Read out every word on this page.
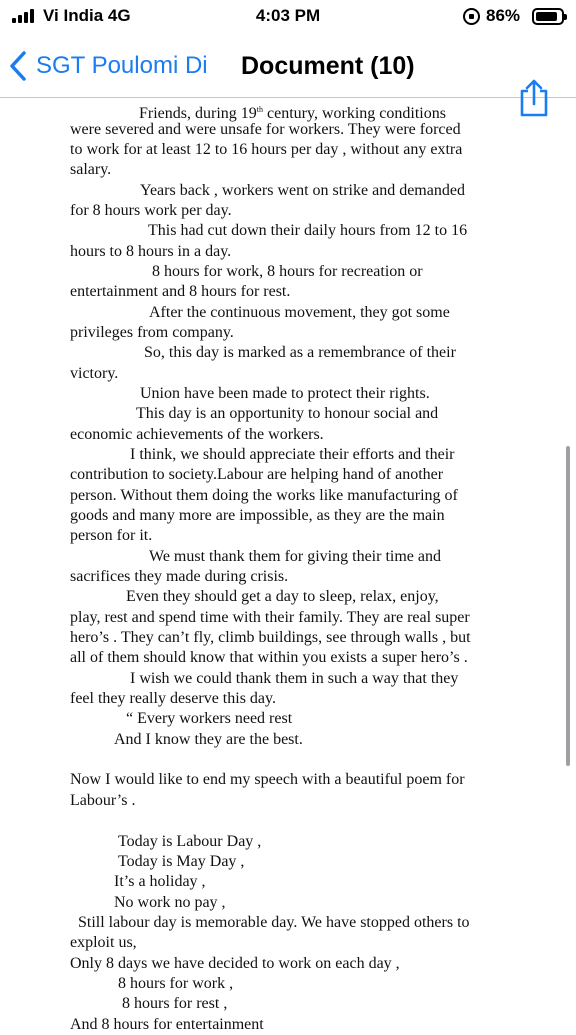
Vi India 4G	4:03 PM	86%
SGT Poulomi Di Document (10)
Friends, during 19th century, working conditions
were severed and were unsafe for workers. They were forced
to work for at least 12 to 16 hours per day , without any extra
salary.
Years back , workers went on strike and demanded
for 8 hours work per day.
This had cut down their daily hours from 12 to 16
hours to 8 hours in a day.
8 hours for work, 8 hours for recreation or
entertainment and 8 hours for rest.
After the continuous movement, they got some
privileges from company.
So, this day is marked as a remembrance of their
victory.
Union have been made to protect their rights.
This day is an opportunity to honour social and
economic achievements of the workers.
I think, we should appreciate their efforts and their
contribution to society.Labour are helping hand of another
person. Without them doing the works like manufacturing of
goods and many more are impossible, as they are the main
person for it.
We must thank them for giving their time and
sacrifices they made during crisis.
Even they should get a day to sleep, relax, enjoy,
play, rest and spend time with their family. They are real super
hero’s . They can’t fly, climb buildings, see through walls , but
all of them should know that within you exists a super hero’s .
I wish we could thank them in such a way that they
feel they really deserve this day.
“ Every workers need rest
And I know they are the best.
Now I would like to end my speech with a beautiful poem for
Labour’s .
Today is Labour Day ,
Today is May Day ,
It’s a holiday ,
No work no pay ,
Still labour day is memorable day. We have stopped others to
exploit us,
Only 8 days we have decided to work on each day ,
8 hours for work ,
8 hours for rest ,
And 8 hours for entertainment
